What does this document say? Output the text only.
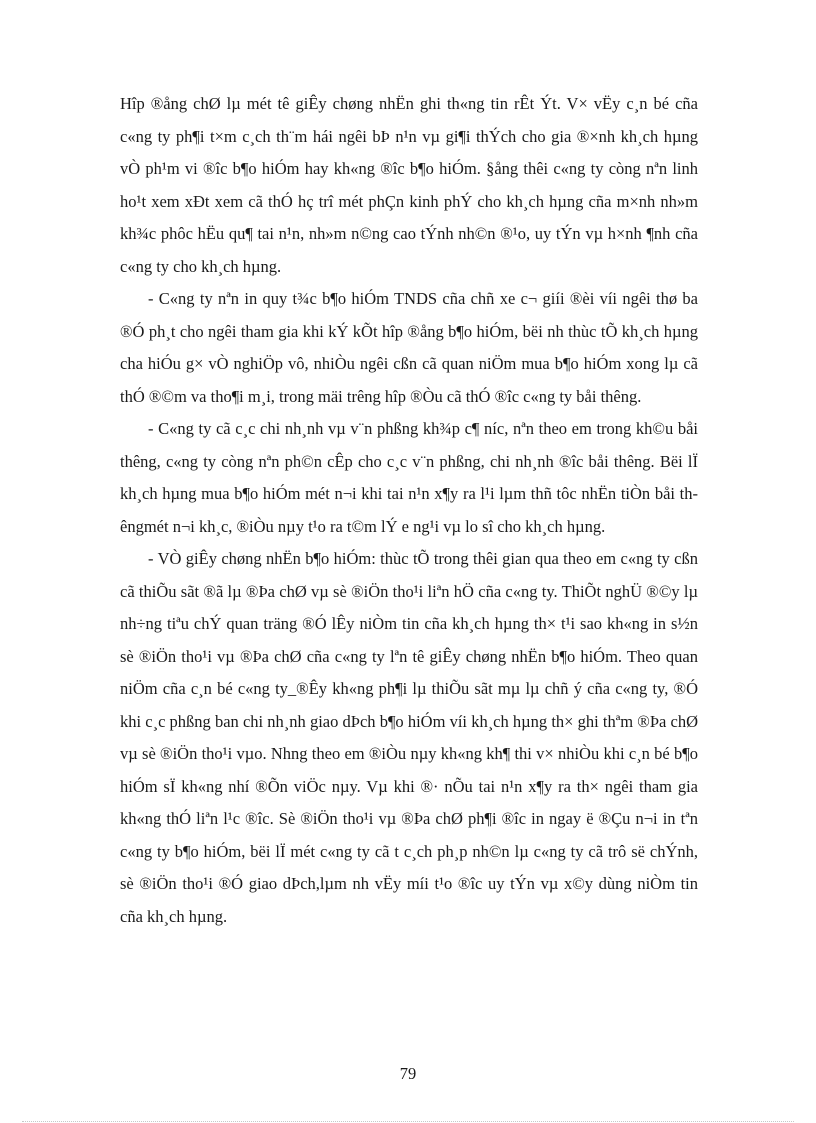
Hîp ®ång chØ lµ mét tê giÊy chøng nhËn ghi th«ng tin rÊt Ýt. V× vËy c¸n bé cña c«ng ty ph¶i t×m c¸ch th¨m hái ngêi bÞ n¹n vµ gi¶i thÝch cho gia ®×nh kh¸ch hµng vÒ ph¹m vi ®îc b¶o hiÓm hay kh«ng ®îc b¶o hiÓm. §ång thêi c«ng ty còng nªn linh ho¹t xem xÐt xem cã thÓ hç trî mét phÇn kinh phÝ cho kh¸ch hµng cña m×nh nh»m kh¾c phôc hËu qu¶ tai n¹n, nh»m n©ng cao tÝnh nh©n ®¹o, uy tÝn vµ h×nh ¶nh cña c«ng ty cho kh¸ch hµng.

- C«ng ty nªn in quy t¾c b¶o hiÓm TNDS cña chñ xe c¬ giíi ®èi víi ngêi thø ba ®Ó ph¸t cho ngêi tham gia khi kÝ kÕt hîp ®ång b¶o hiÓm, bëi nh thùc tÕ kh¸ch hµng cha hiÓu g× vÒ nghiÖp vô, nhiÒu ngêi cßn cã quan niÖm mua b¶o hiÓm xong lµ cã thÓ ®©m va tho¶i m¸i, trong mäi trêng hîp ®Òu cã thÓ ®îc c«ng ty båi thêng.

- C«ng ty cã c¸c chi nh¸nh vµ v¨n phßng kh¾p c¶ níc, nªn theo em trong kh©u båi thêng, c«ng ty còng nªn ph©n cÊp cho c¸c v¨n phßng, chi nh¸nh ®îc båi thêng. Bëi lÏ kh¸ch hµng mua b¶o hiÓm mét n¬i khi tai n¹n x¶y ra l¹i lµm thñ tôc nhËn tiÒn båi thêngmét n¬i kh¸c, ®iÒu nµy t¹o ra t©m lÝ e ng¹i vµ lo sî cho kh¸ch hµng.

- VÒ giÊy chøng nhËn b¶o hiÓm: thùc tÕ trong thêi gian qua theo em c«ng ty cßn cã thiÕu sãt ®ã lµ ®Þa chØ vµ sè ®iÖn tho¹i liªn hÖ cña c«ng ty. ThiÕt nghÜ ®©y lµ nh÷ng tiªu chÝ quan träng ®Ó lÊy niÒm tin cña kh¸ch hµng th× t¹i sao kh«ng in s½n sè ®iÖn tho¹i vµ ®Þa chØ cña c«ng ty lªn tê giÊy chøng nhËn b¶o hiÓm. Theo quan niÖm cña c¸n bé c«ng ty_®Êy kh«ng ph¶i lµ thiÕu sãt mµ lµ chñ ý cña c«ng ty, ®Ó khi c¸c phßng ban chi nh¸nh giao dÞch b¶o hiÓm víi kh¸ch hµng th× ghi thªm ®Þa chØ vµ sè ®iÖn tho¹i vµo. Nhng theo em ®iÒu nµy kh«ng kh¶ thi v× nhiÒu khi c¸n bé b¶o hiÓm sÏ kh«ng nhí ®Õn viÖc nµy. Vµ khi ®· nÕu tai n¹n x¶y ra th× ngêi tham gia kh«ng thÓ liªn l¹c ®îc. Sè ®iÖn tho¹i vµ ®Þa chØ ph¶i ®îc in ngay ë ®Çu n¬i in tªn c«ng ty b¶o hiÓm, bëi lÏ mét c«ng ty cã t c¸ch ph¸p nh©n lµ c«ng ty cã trô së chÝnh, sè ®iÖn tho¹i ®Ó giao dÞch,lµm nh vËy míi t¹o ®îc uy tÝn vµ x©y dùng niÒm tin cña kh¸ch hµng.

79
